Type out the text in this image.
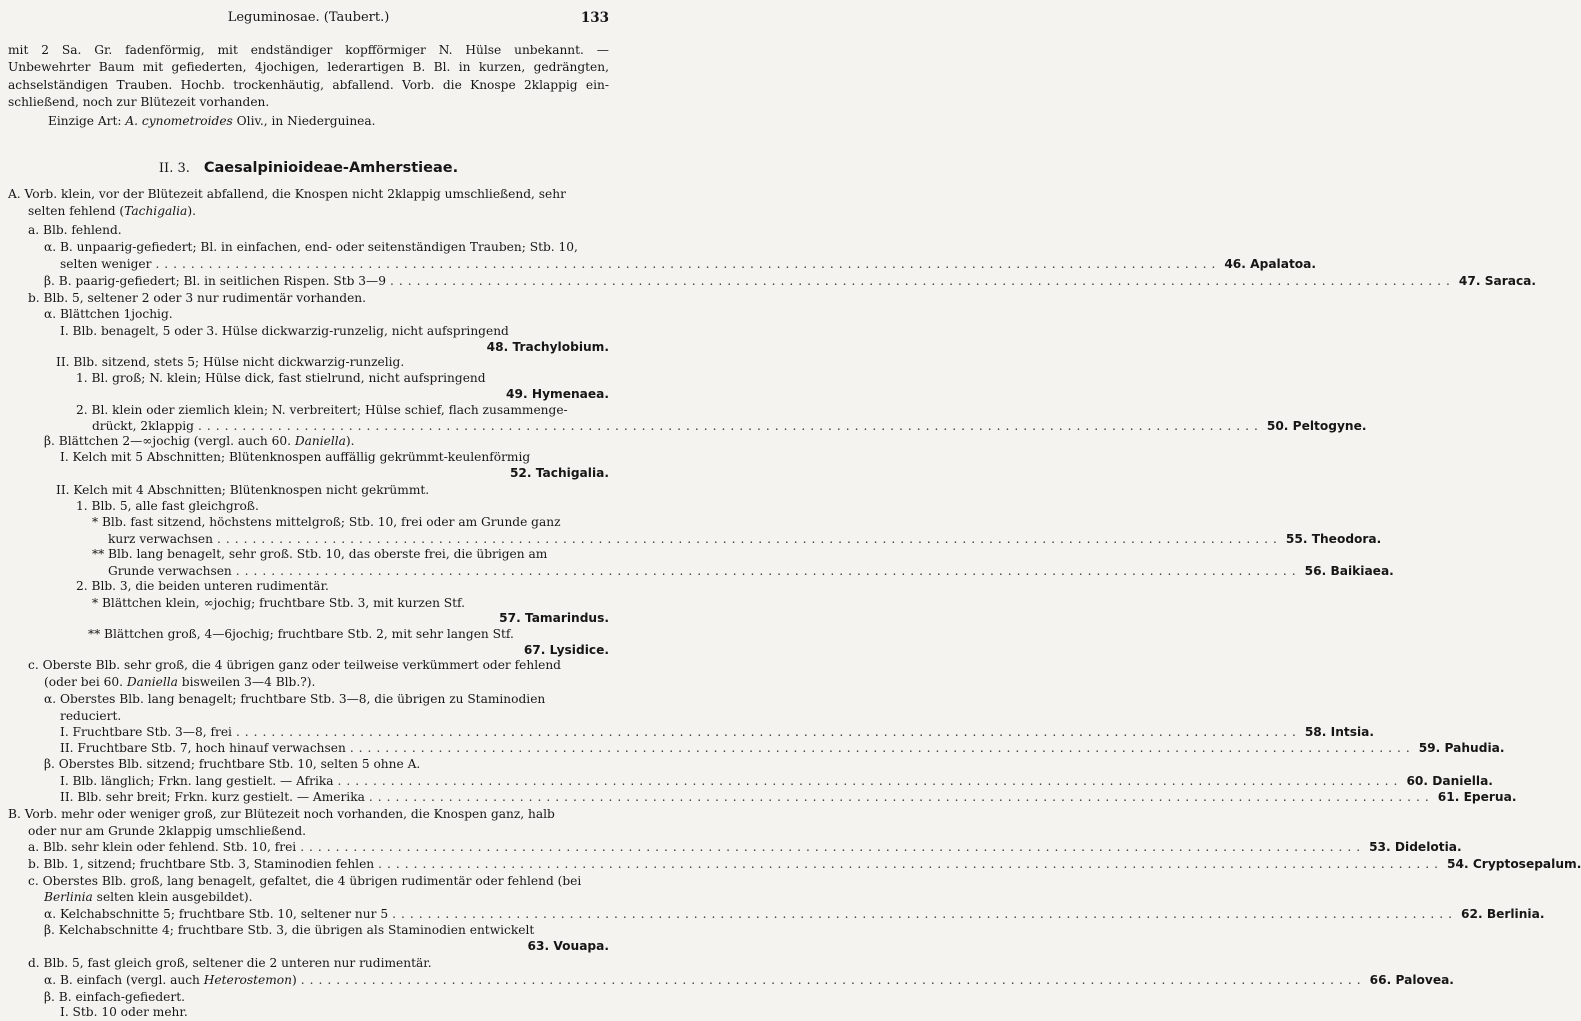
Leguminosae. (Taubert.)	133
mit 2 Sa. Gr. fadenförmig, mit endständiger kopfförmiger N. Hülse unbekannt. —
Unbewehrter Baum mit gefiederten, 4jochigen, lederartigen B. Bl. in kurzen, gedrängten,
achselständigen Trauben. Hochb. trockenhäutig, abfallend. Vorb. die Knospe 2klappig ein-
schließend, noch zur Blütezeit vorhanden.
Einzige Art: A. cynometroides Oliv., in Niederguinea.
II. 3. Caesalpinioideae-Amherstieae.
A. Vorb. klein, vor der Blütezeit abfallend, die Knospen nicht 2klappig umschließend, sehr
selten fehlend (Tachigalia).
a. Blb. fehlend.
α. B. unpaarig-gefiedert; Bl. in einfachen, end- oder seitenständigen Trauben; Stb. 10,
selten weniger ........................................................................................................................ 46. Apalatoa.
β. B. paarig-gefiedert; Bl. in seitlichen Rispen. Stb 3—9 ........................................................................................................................ 47. Saraca.
b. Blb. 5, seltener 2 oder 3 nur rudimentär vorhanden.
α. Blättchen 1jochig.
I. Blb. benagelt, 5 oder 3. Hülse dickwarzig-runzelig, nicht aufspringend
48. Trachylobium.
II. Blb. sitzend, stets 5; Hülse nicht dickwarzig-runzelig.
1. Bl. groß; N. klein; Hülse dick, fast stielrund, nicht aufspringend
49. Hymenaea.
2. Bl. klein oder ziemlich klein; N. verbreitert; Hülse schief, flach zusammenge-
drückt, 2klappig ........................................................................................................................ 50. Peltogyne.
β. Blättchen 2—∞jochig (vergl. auch 60. Daniella).
I. Kelch mit 5 Abschnitten; Blütenknospen auffällig gekrümmt-keulenförmig
52. Tachigalia.
II. Kelch mit 4 Abschnitten; Blütenknospen nicht gekrümmt.
1. Blb. 5, alle fast gleichgroß.
* Blb. fast sitzend, höchstens mittelgroß; Stb. 10, frei oder am Grunde ganz
kurz verwachsen ........................................................................................................................ 55. Theodora.
** Blb. lang benagelt, sehr groß. Stb. 10, das oberste frei, die übrigen am
Grunde verwachsen ........................................................................................................................ 56. Baikiaea.
2. Blb. 3, die beiden unteren rudimentär.
* Blättchen klein, ∞jochig; fruchtbare Stb. 3, mit kurzen Stf.
57. Tamarindus.
** Blättchen groß, 4—6jochig; fruchtbare Stb. 2, mit sehr langen Stf.
67. Lysidice.
c. Oberste Blb. sehr groß, die 4 übrigen ganz oder teilweise verkümmert oder fehlend
(oder bei 60. Daniella bisweilen 3—4 Blb.?).
α. Oberstes Blb. lang benagelt; fruchtbare Stb. 3—8, die übrigen zu Staminodien
reduciert.
I. Fruchtbare Stb. 3—8, frei ........................................................................................................................ 58. Intsia.
II. Fruchtbare Stb. 7, hoch hinauf verwachsen ........................................................................................................................ 59. Pahudia.
β. Oberstes Blb. sitzend; fruchtbare Stb. 10, selten 5 ohne A.
I. Blb. länglich; Frkn. lang gestielt. — Afrika ........................................................................................................................ 60. Daniella.
II. Blb. sehr breit; Frkn. kurz gestielt. — Amerika ........................................................................................................................ 61. Eperua.
B. Vorb. mehr oder weniger groß, zur Blütezeit noch vorhanden, die Knospen ganz, halb
oder nur am Grunde 2klappig umschließend.
a. Blb. sehr klein oder fehlend. Stb. 10, frei ........................................................................................................................ 53. Didelotia.
b. Blb. 1, sitzend; fruchtbare Stb. 3, Staminodien fehlen ........................................................................................................................ 54. Cryptosepalum.
c. Oberstes Blb. groß, lang benagelt, gefaltet, die 4 übrigen rudimentär oder fehlend (bei
Berlinia selten klein ausgebildet).
α. Kelchabschnitte 5; fruchtbare Stb. 10, seltener nur 5 ........................................................................................................................ 62. Berlinia.
β. Kelchabschnitte 4; fruchtbare Stb. 3, die übrigen als Staminodien entwickelt
63. Vouapa.
d. Blb. 5, fast gleich groß, seltener die 2 unteren nur rudimentär.
α. B. einfach (vergl. auch Heterostemon) ........................................................................................................................ 66. Palovea.
β. B. einfach-gefiedert.
I. Stb. 10 oder mehr.
